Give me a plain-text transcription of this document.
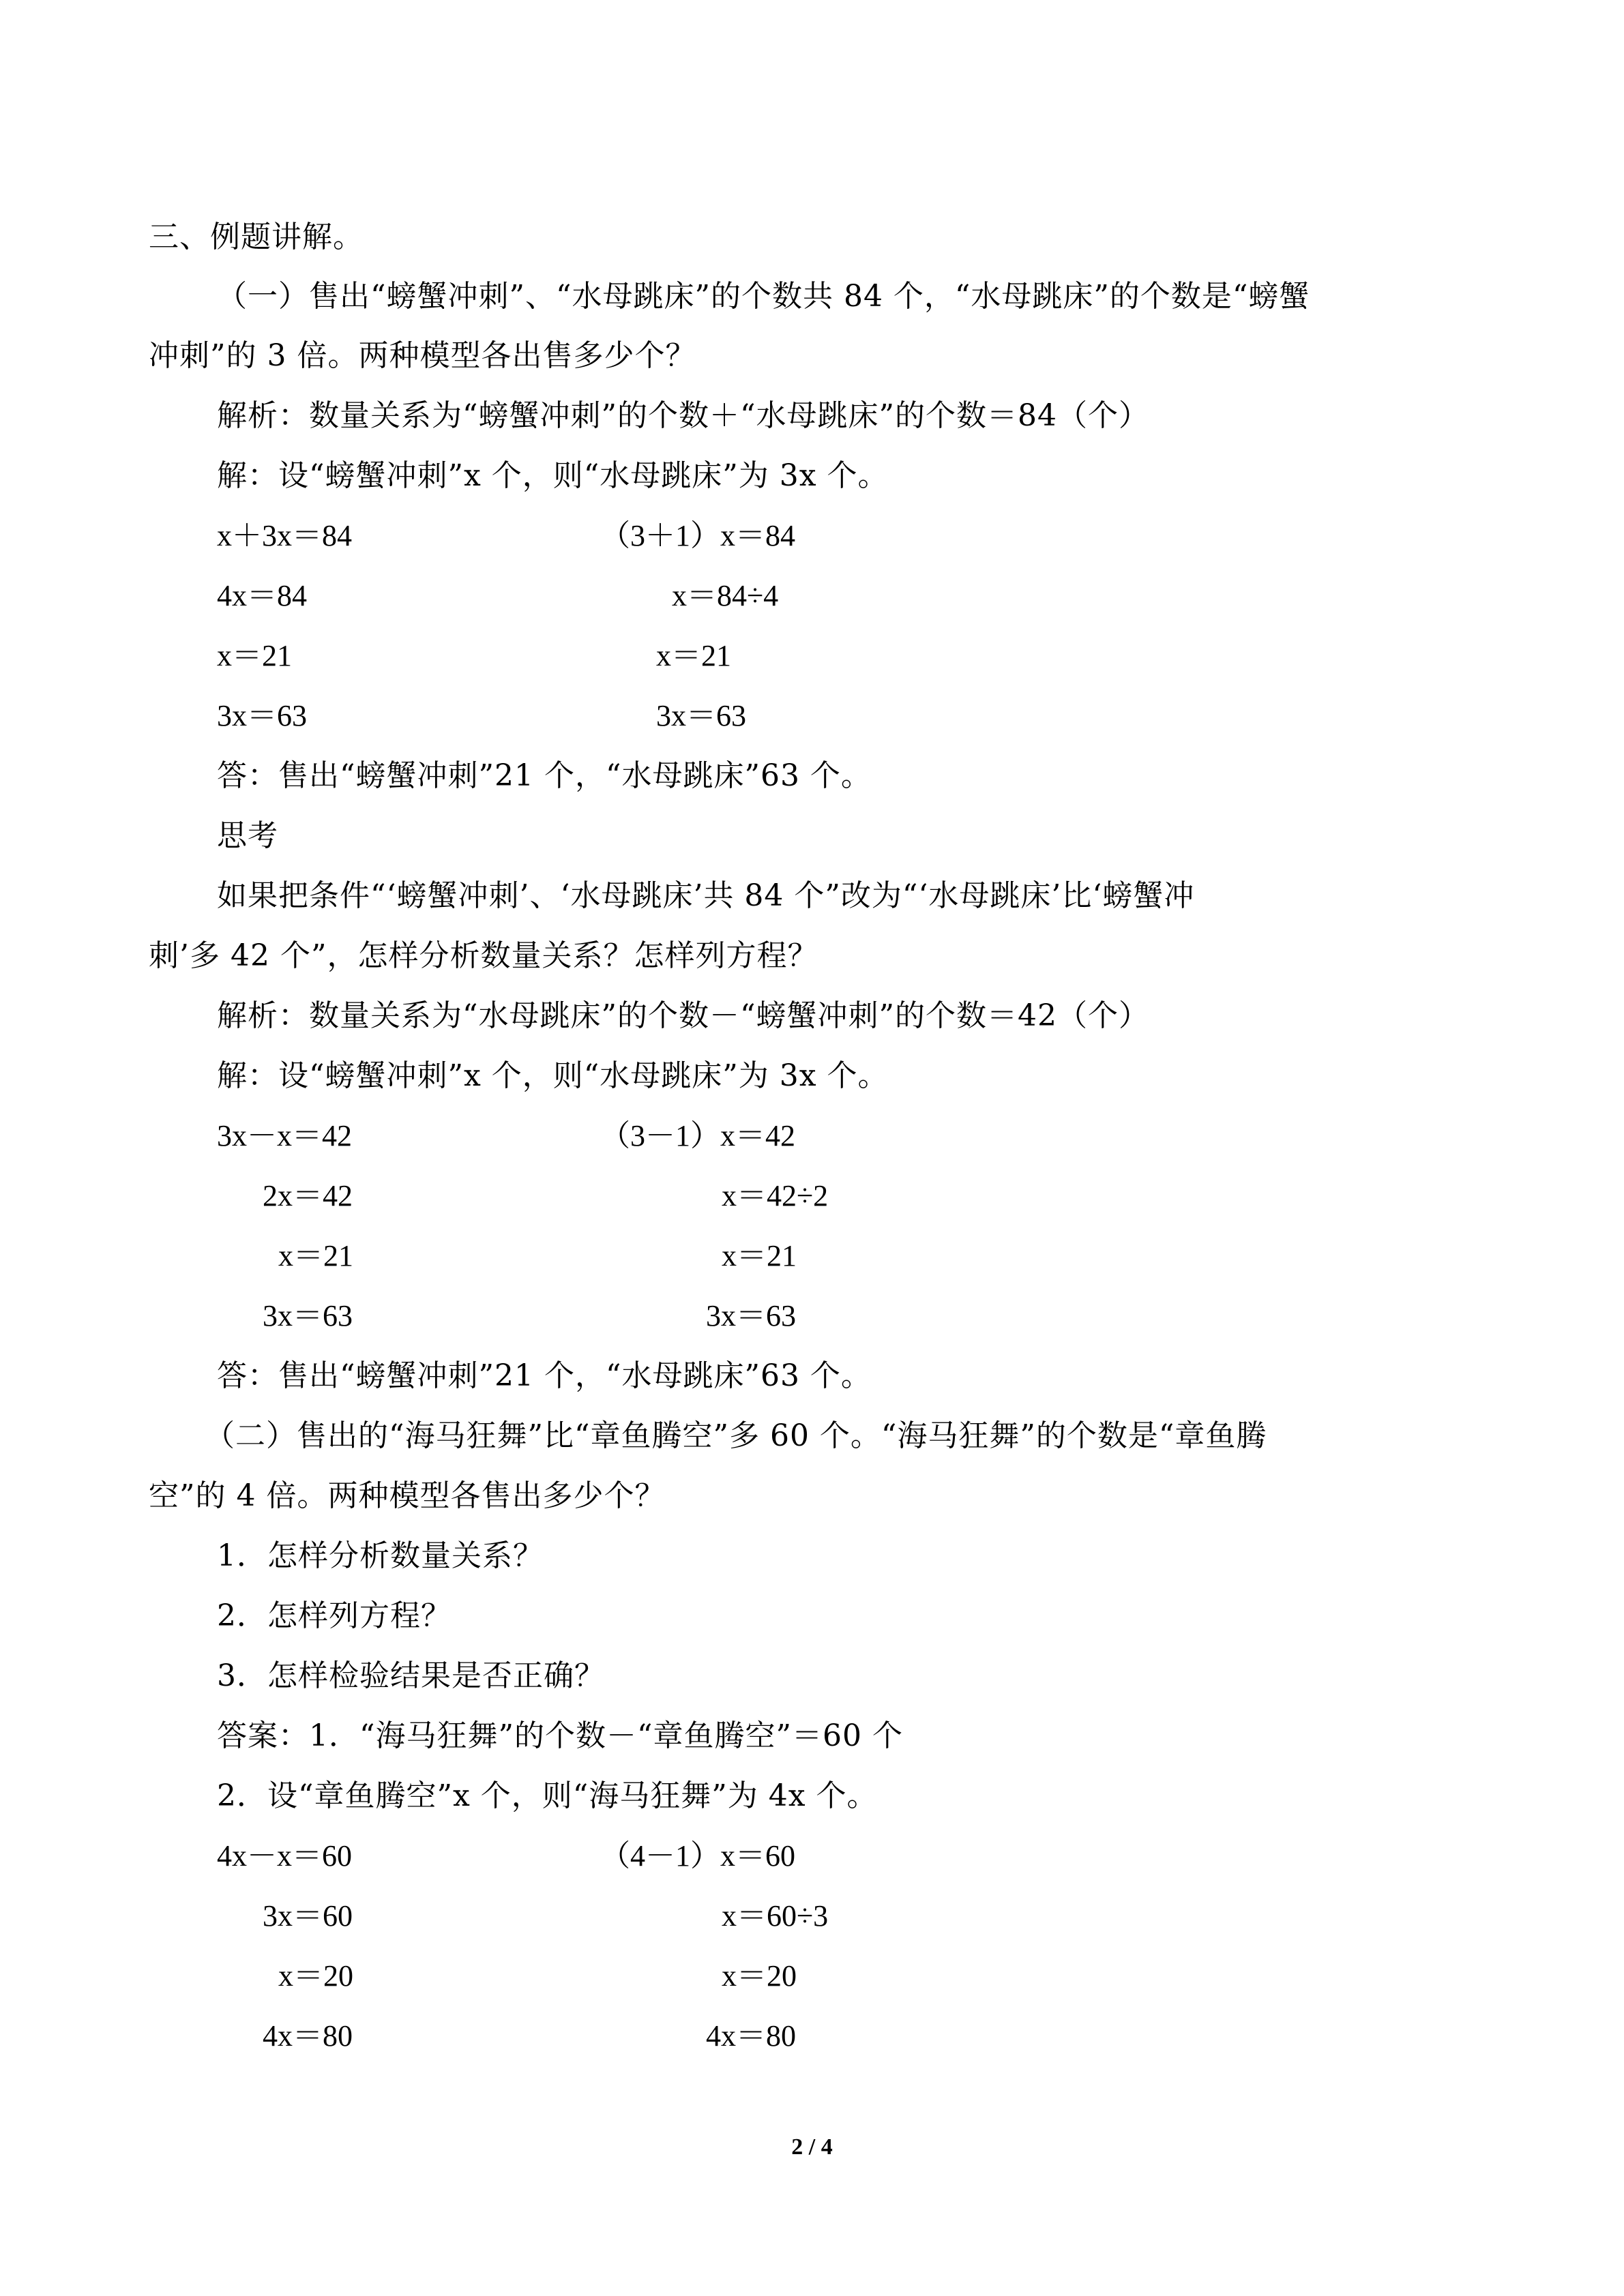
三、例题讲解。
（一）售出“螃蟹冲刺”、“水母跳床”的个数共 84 个，“水母跳床”的个数是“螃蟹
冲刺”的 3 倍。两种模型各出售多少个？
解析：数量关系为“螃蟹冲刺”的个数＋“水母跳床”的个数＝84（个）
解：设“螃蟹冲刺”x 个，则“水母跳床”为 3x 个。
x＋3x＝84	（3＋1）x＝84
4x＝84	x＝84÷4
x＝21	x＝21
3x＝63	3x＝63
答：售出“螃蟹冲刺”21 个，“水母跳床”63 个。
思考
如果把条件“‘螃蟹冲刺’、‘水母跳床’共 84 个”改为“‘水母跳床’比‘螃蟹冲
刺’多 42 个”，怎样分析数量关系？怎样列方程？
解析：数量关系为“水母跳床”的个数－“螃蟹冲刺”的个数＝42（个）
解：设“螃蟹冲刺”x 个，则“水母跳床”为 3x 个。
3x－x＝42	（3－1）x＝42
2x＝42	x＝42÷2
x＝21	x＝21
3x＝63	3x＝63
答：售出“螃蟹冲刺”21 个，“水母跳床”63 个。
（二）售出的“海马狂舞”比“章鱼腾空”多 60 个。“海马狂舞”的个数是“章鱼腾
空”的 4 倍。两种模型各售出多少个？
1．怎样分析数量关系？
2．怎样列方程？
3．怎样检验结果是否正确？
答案：1．“海马狂舞”的个数－“章鱼腾空”＝60 个
2．设“章鱼腾空”x 个，则“海马狂舞”为 4x 个。
4x－x＝60	（4－1）x＝60
3x＝60	x＝60÷3
x＝20	x＝20
4x＝80	4x＝80
2 / 4
